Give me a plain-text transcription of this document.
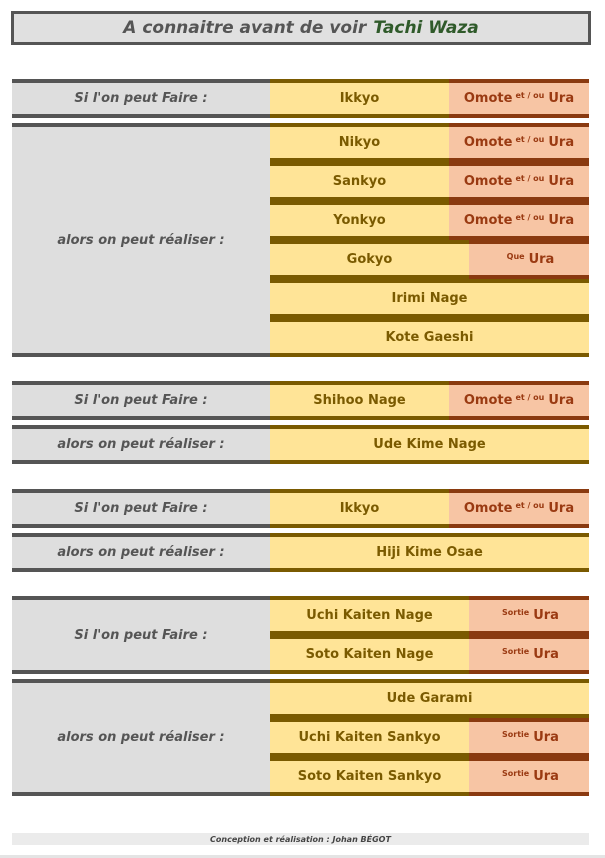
A connaitre avant de voir Tachi Waza
Si l'on peut Faire :	Ikkyo	Omote $^{et / ou}$ Ura
alors on peut réaliser :
Nikyo	Omote $^{et / ou}$ Ura
Sankyo	Omote $^{et / ou}$ Ura
Yonkyo	Omote $^{et / ou}$ Ura
Gokyo	$^{Que}$ Ura
Irimi Nage
Kote Gaeshi
Si l'on peut Faire :	Shihoo Nage	Omote $^{et / ou}$ Ura
alors on peut réaliser :	Ude Kime Nage
Si l'on peut Faire :	Ikkyo	Omote $^{et / ou}$ Ura
alors on peut réaliser :	Hiji Kime Osae
Si l'on peut Faire :
Uchi Kaiten Nage	$^{Sortie}$ Ura
Soto Kaiten Nage	$^{Sortie}$ Ura
alors on peut réaliser :
Ude Garami
Uchi Kaiten Sankyo	$^{Sortie}$ Ura
Soto Kaiten Sankyo	$^{Sortie}$ Ura
Conception et réalisation : Johan BÉGOT
